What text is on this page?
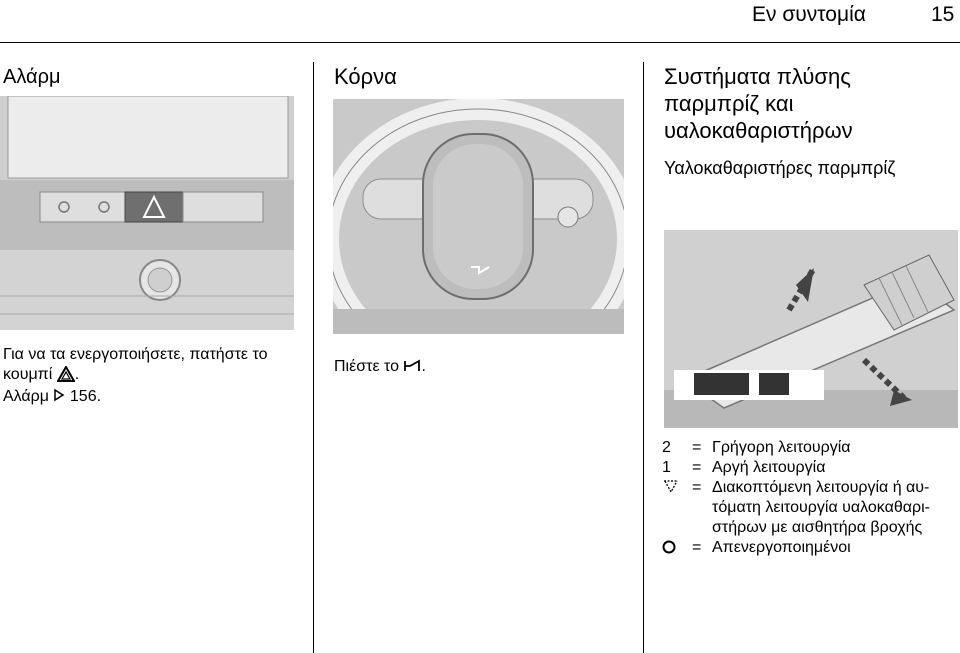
Εν συντομία	15
Αλάρμ
Για να τα ενεργοποιήσετε, πατήστε το
κουμπί .
Αλάρμ 156.
Κόρνα
Πιέστε το .
Συστήματα πλύσης
παρμπρίζ και
υαλοκαθαριστήρων
Υαλοκαθαριστήρες παρμπρίζ
2	= Γρήγορη λειτουργία
1	= Αργή λειτουργία
= Διακοπτόμενη λειτουργία ή αυ-
τόματη λειτουργία υαλοκαθαρι-
στήρων με αισθητήρα βροχής
= Απενεργοποιημένοι
